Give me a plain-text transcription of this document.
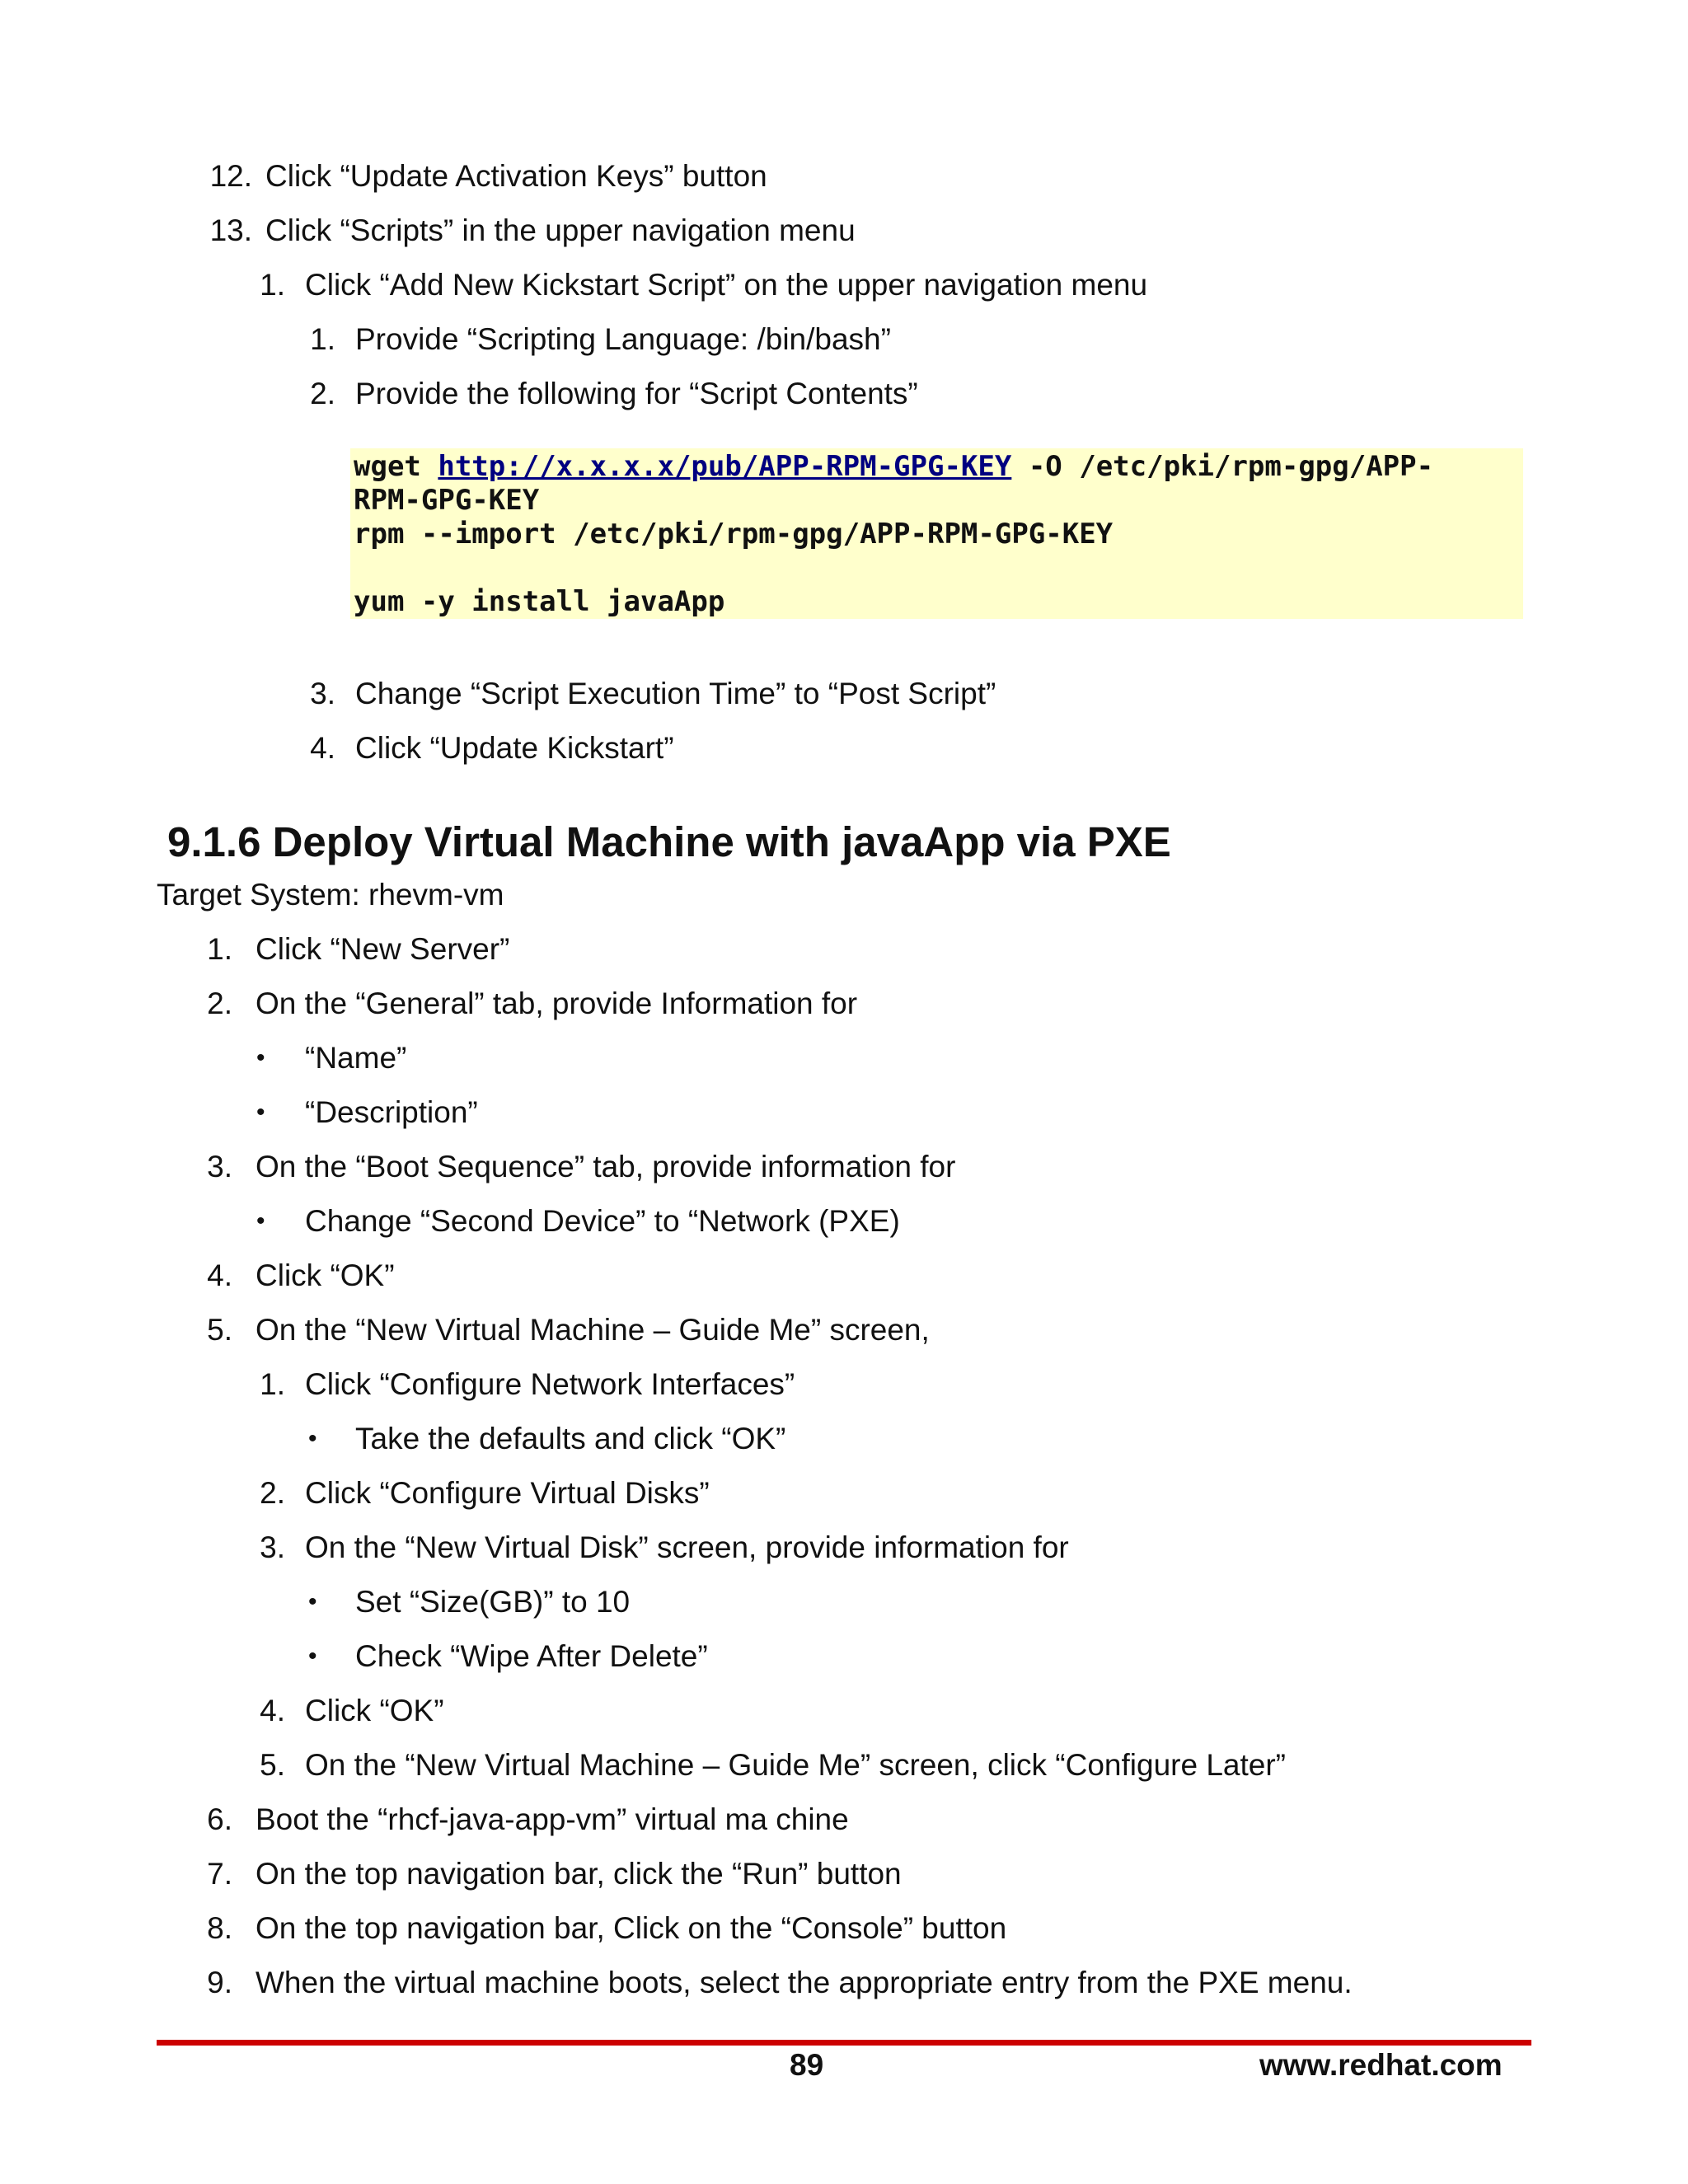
12. Click “Update Activation Keys” button
13. Click “Scripts” in the upper navigation menu
1. Click “Add New Kickstart Script” on the upper navigation menu
1. Provide “Scripting Language: /bin/bash”
2. Provide the following for “Script Contents”
wget http://x.x.x.x/pub/APP-RPM-GPG-KEY -O /etc/pki/rpm-gpg/APP-
RPM-GPG-KEY
rpm --import /etc/pki/rpm-gpg/APP-RPM-GPG-KEY
yum -y install javaApp
3. Change “Script Execution Time” to “Post Script”
4. Click “Update Kickstart”
9.1.6 Deploy Virtual Machine with javaApp via PXE
Target System: rhevm-vm
1. Click “New Server”
2. On the “General” tab, provide Information for
• “Name”
• “Description”
3. On the “Boot Sequence” tab, provide information for
• Change “Second Device” to “Network (PXE)
4. Click “OK”
5. On the “New Virtual Machine – Guide Me” screen,
1. Click “Configure Network Interfaces”
• Take the defaults and click “OK”
2. Click “Configure Virtual Disks”
3. On the “New Virtual Disk” screen, provide information for
• Set “Size(GB)” to 10
• Check “Wipe After Delete”
4. Click “OK”
5. On the “New Virtual Machine – Guide Me” screen, click “Configure Later”
6. Boot the “rhcf-java-app-vm” virtual ma chine
7. On the top navigation bar, click the “Run” button
8. On the top navigation bar, Click on the “Console” button
9. When the virtual machine boots, select the appropriate entry from the PXE menu.
89	www.redhat.com
